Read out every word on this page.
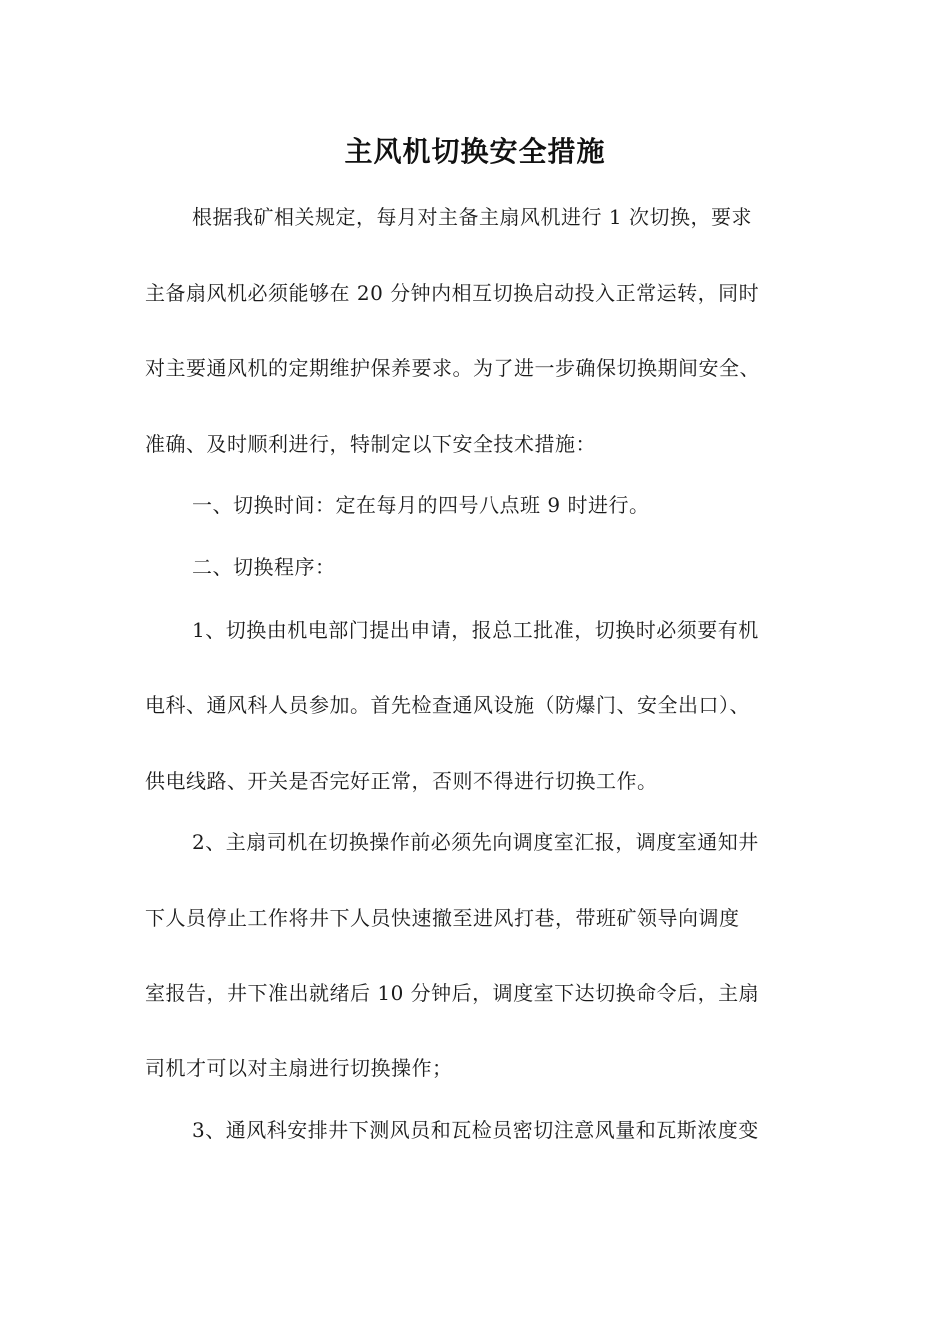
主风机切换安全措施
根据我矿相关规定，每月对主备主扇风机进行 1 次切换，要求
主备扇风机必须能够在 20 分钟内相互切换启动投入正常运转，同时
对主要通风机的定期维护保养要求。为了进一步确保切换期间安全、
准确、及时顺利进行，特制定以下安全技术措施：
一、切换时间：定在每月的四号八点班 9 时进行。
二、切换程序：
1、切换由机电部门提出申请，报总工批准，切换时必须要有机
电科、通风科人员参加。首先检查通风设施（防爆门、安全出口）、
供电线路、开关是否完好正常，否则不得进行切换工作。
2、主扇司机在切换操作前必须先向调度室汇报，调度室通知井
下人员停止工作将井下人员快速撤至进风打巷，带班矿领导向调度
室报告，井下准出就绪后 10 分钟后，调度室下达切换命令后，主扇
司机才可以对主扇进行切换操作；
3、通风科安排井下测风员和瓦检员密切注意风量和瓦斯浓度变
